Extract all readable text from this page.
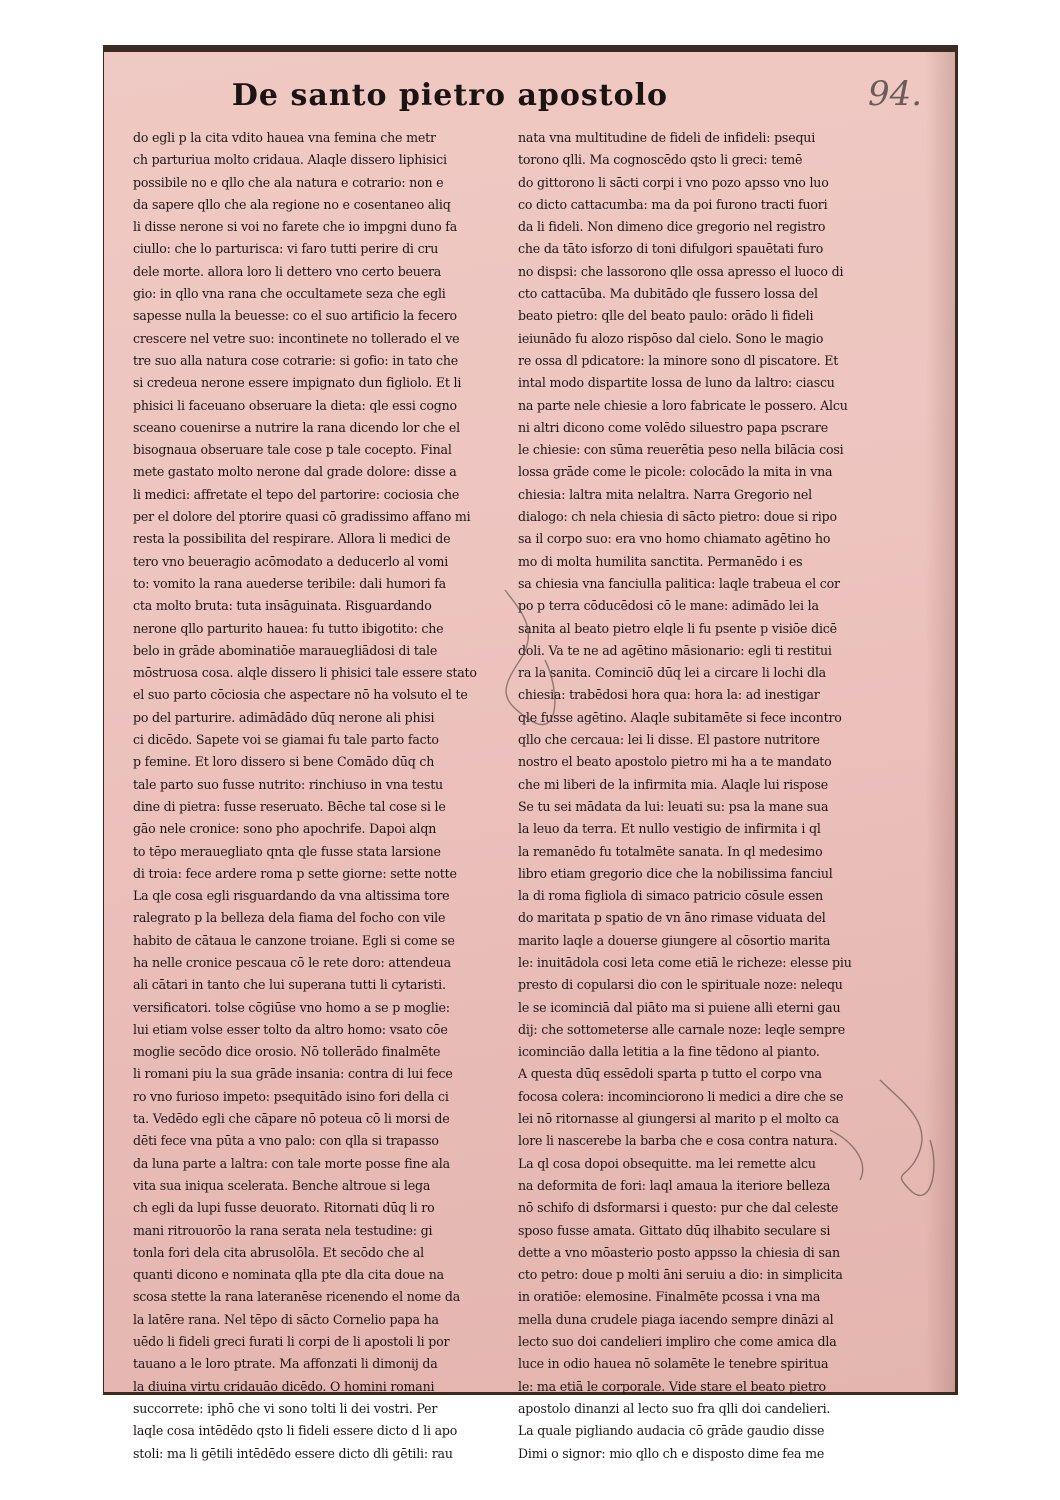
De santo pietro apostolo	94.
do egli p la cita vdito hauea vna femina che metr
ch parturiua molto cridaua. Alaqle dissero liphisici
possibile no e qllo che ala natura e cotrario: non e
da sapere qllo che ala regione no e cosentaneo aliq
li disse nerone si voi no farete che io impgni duno fa
ciullo: che lo parturisca: vi faro tutti perire di cru
dele morte. allora loro li dettero vno certo beuera
gio: in qllo vna rana che occultamete seza che egli
sapesse nulla la beuesse: co el suo artificio la fecero
crescere nel vetre suo: incontinete no tollerado el ve
tre suo alla natura cose cotrarie: si gofio: in tato che
si credeua nerone essere impignato dun figliolo. Et li
phisici li faceuano obseruare la dieta: qle essi cogno
sceano couenirse a nutrire la rana dicendo lor che el
bisognaua obseruare tale cose p tale cocepto. Final
mete gastato molto nerone dal grade dolore: disse a
li medici: affretate el tepo del partorire: cociosia che
per el dolore del ptorire quasi cō gradissimo affano mi
resta la possibilita del respirare. Allora li medici de
tero vno beueragio acōmodato a deducerlo al vomi
to: vomito la rana auederse teribile: dali humori fa
cta molto bruta: tuta insāguinata. Risguardando
nerone qllo parturito hauea: fu tutto ibigotito: che
belo in grāde abominatiōe marauegliādosi di tale
mōstruosa cosa. alqle dissero li phisici tale essere stato
el suo parto cōciosia che aspectare nō ha volsuto el te
po del parturire. adimādādo dūq nerone ali phisi
ci dicēdo. Sapete voi se giamai fu tale parto facto
p femine. Et loro dissero si bene Comādo dūq ch
tale parto suo fusse nutrito: rinchiuso in vna testu
dine di pietra: fusse reseruato. Bēche tal cose si le
gāo nele cronice: sono pho apochrife. Dapoi alqn
to tēpo merauegliato qnta qle fusse stata larsione
di troia: fece ardere roma p sette giorne: sette notte
La qle cosa egli risguardando da vna altissima tore
ralegrato p la belleza dela fiama del focho con vile
habito de cātaua le canzone troiane. Egli si come se
ha nelle cronice pescaua cō le rete doro: attendeua
ali cātari in tanto che lui superana tutti li cytaristi.
versificatori. tolse cōgiūse vno homo a se p moglie:
lui etiam volse esser tolto da altro homo: vsato cōe
moglie secōdo dice orosio. Nō tollerādo finalmēte
li romani piu la sua grāde insania: contra di lui fece
ro vno furioso impeto: psequitādo isino fori della ci
ta. Vedēdo egli che cāpare nō poteua cō li morsi de
dēti fece vna pūta a vno palo: con qlla si trapasso
da luna parte a laltra: con tale morte posse fine ala
vita sua iniqua scelerata. Benche altroue si lega
ch egli da lupi fusse deuorato. Ritornati dūq li ro
mani ritrouorōo la rana serata nela testudine: gi
tonla fori dela cita abrusolōla. Et secōdo che al
quanti dicono e nominata qlla pte dla cita doue na
scosa stette la rana lateranēse ricenendo el nome da
la latēre rana. Nel tēpo di sācto Cornelio papa ha
uēdo li fideli greci furati li corpi de li apostoli li por
tauano a le loro ptrate. Ma affonzati li dimonij da
la diuina virtu cridauāo dicēdo. O homini romani
succorrete: iphō che vi sono tolti li dei vostri. Per
laqle cosa intēdēdo qsto li fideli essere dicto d li apo
stoli: ma li gētili intēdēdo essere dicto dli gētili: rau
nata vna multitudine de fideli de infideli: psequi
torono qlli. Ma cognoscēdo qsto li greci: temē
do gittorono li sācti corpi i vno pozo apsso vno luo
co dicto cattacumba: ma da poi furono tracti fuori
da li fideli. Non dimeno dice gregorio nel registro
che da tāto isforzo di toni difulgori spauētati furo
no dispsi: che lassorono qlle ossa apresso el luoco di
cto cattacūba. Ma dubitādo qle fussero lossa del
beato pietro: qlle del beato paulo: orādo li fideli
ieiunādo fu alozo rispōso dal cielo. Sono le magio
re ossa dl pdicatore: la minore sono dl piscatore. Et
intal modo dispartite lossa de luno da laltro: ciascu
na parte nele chiesie a loro fabricate le possero. Alcu
ni altri dicono come volēdo siluestro papa pscrare
le chiesie: con sūma reuerētia peso nella bilācia cosi
lossa grāde come le picole: colocādo la mita in vna
chiesia: laltra mita nelaltra. Narra Gregorio nel
dialogo: ch nela chiesia di sācto pietro: doue si ripo
sa il corpo suo: era vno homo chiamato agētino ho
mo di molta humilita sanctita. Permanēdo i es
sa chiesia vna fanciulla palitica: laqle trabeua el cor
po p terra cōducēdosi cō le mane: adimādo lei la
sanita al beato pietro elqle li fu psente p visiōe dicē
doli. Va te ne ad agētino māsionario: egli ti restitui
ra la sanita. Cominciō dūq lei a circare li lochi dla
chiesia: trabēdosi hora qua: hora la: ad inestigar
qle fusse agētino. Alaqle subitamēte si fece incontro
qllo che cercaua: lei li disse. El pastore nutritore
nostro el beato apostolo pietro mi ha a te mandato
che mi liberi de la infirmita mia. Alaqle lui rispose
Se tu sei mādata da lui: leuati su: psa la mane sua
la leuo da terra. Et nullo vestigio de infirmita i ql
la remanēdo fu totalmēte sanata. In ql medesimo
libro etiam gregorio dice che la nobilissima fanciul
la di roma figliola di simaco patricio cōsule essen
do maritata p spatio de vn āno rimase viduata del
marito laqle a douerse giungere al cōsortio marita
le: inuitādola cosi leta come etiā le richeze: elesse piu
presto di copularsi dio con le spirituale noze: nelequ
le se icominciā dal piāto ma si puiene alli eterni gau
dij: che sottometerse alle carnale noze: leqle sempre
icominciāo dalla letitia a la fine tēdono al pianto.
A questa dūq essēdoli sparta p tutto el corpo vna
focosa colera: incominciorono li medici a dire che se
lei nō ritornasse al giungersi al marito p el molto ca
lore li nascerebe la barba che e cosa contra natura.
La ql cosa dopoi obsequitte. ma lei remette alcu
na deformita de fori: laql amaua la iteriore belleza
nō schifo di dsformarsi i questo: pur che dal celeste
sposo fusse amata. Gittato dūq ilhabito seculare si
dette a vno mōasterio posto appsso la chiesia di san
cto petro: doue p molti āni seruiu a dio: in simplicita
in oratiōe: elemosine. Finalmēte pcossa i vna ma
mella duna crudele piaga iacendo sempre dināzi al
lecto suo doi candelieri impliro che come amica dla
luce in odio hauea nō solamēte le tenebre spiritua
le: ma etiā le corporale. Vide stare el beato pietro
apostolo dinanzi al lecto suo fra qlli doi candelieri.
La quale pigliando audacia cō grāde gaudio disse
Dimi o signor: mio qllo ch e disposto dime fea me
